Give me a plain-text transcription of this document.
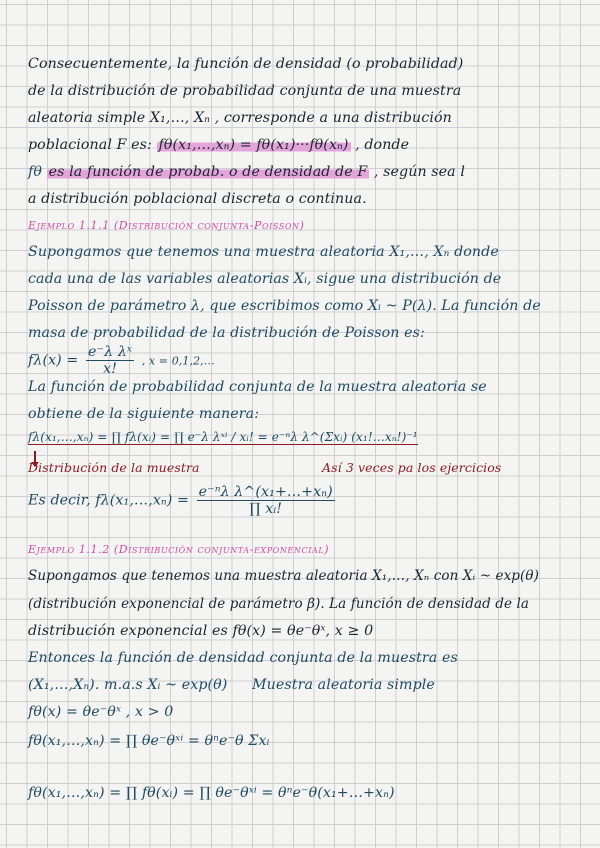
Consecuentemente, la función de densidad (o probabilidad)
de la distribución de probabilidad conjunta de una muestra
aleatoria simple X₁,…, Xₙ , corresponde a una distribución
poblacional F es: fθ(x₁,…,xₙ) = fθ(x₁)···fθ(xₙ) , donde
fθ es la función de probab. o de densidad de F , según sea l
a distribución poblacional discreta o continua.
Ejemplo 1.1.1 (Distribución conjunta-Poisson)
Supongamos que tenemos una muestra aleatoria X₁,…, Xₙ donde
cada una de las variables aleatorias Xᵢ, sigue una distribución de
Poisson de parámetro λ, que escribimos como Xᵢ ~ P(λ). La función de
masa de probabilidad de la distribución de Poisson es:
$f\lambda(x) = \frac{\text{e⁻λ λˣ}}{x!}$ , x = 0,1,2,…
La función de probabilidad conjunta de la muestra aleatoria se
obtiene de la siguiente manera:
fλ(x₁,…,xₙ) = ∏ fλ(xᵢ) = ∏ e⁻λ λˣⁱ / xᵢ! = e⁻ⁿλ λ^(Σxᵢ) (x₁!…xₙ!)⁻¹
Distribución de la muestra	Así 3 veces pa los ejercicios
Es decir, fλ(x₁,…,xₙ) = $\frac{\text{e⁻ⁿλ λ\textasciicircum{}(x₁+…+xₙ)}}{\text{∏ xᵢ!}}$
Ejemplo 1.1.2 (Distribución conjunta-exponencial)
Supongamos que tenemos una muestra aleatoria X₁,…, Xₙ con Xᵢ ~ exp(θ)
(distribución exponencial de parámetro β). La función de densidad de la
distribución exponencial es fθ(x) = θe⁻θˣ, x ≥ 0
Entonces la función de densidad conjunta de la muestra es
(X₁,…,Xₙ). m.a.s Xᵢ ~ exp(θ) Muestra aleatoria simple
fθ(x) = θe⁻θˣ , x > 0
fθ(x₁,…,xₙ) = ∏ θe⁻θˣⁱ = θⁿe⁻θ Σxᵢ
fθ(x₁,…,xₙ) = ∏ fθ(xᵢ) = ∏ θe⁻θˣⁱ = θⁿe⁻θ(x₁+…+xₙ)
